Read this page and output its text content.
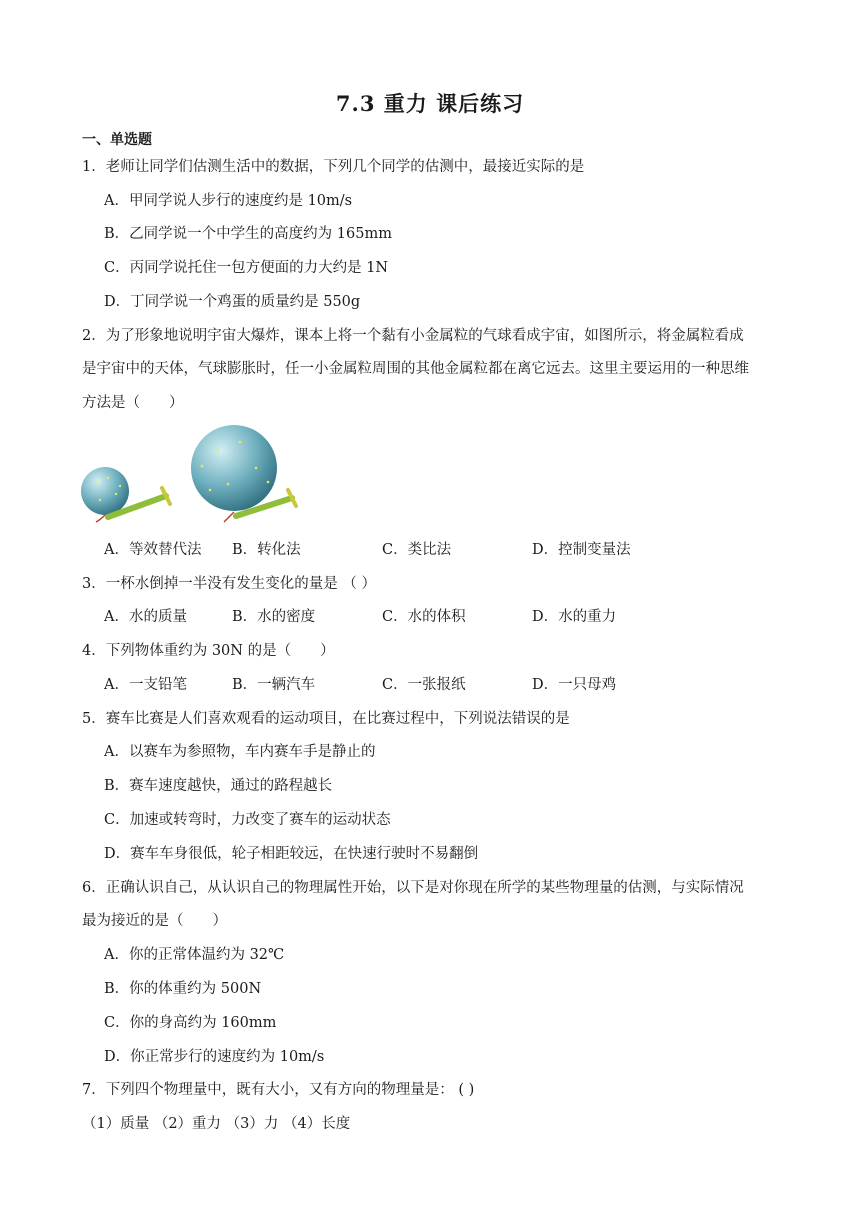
7.3 重力 课后练习
一、单选题
1．老师让同学们估测生活中的数据，下列几个同学的估测中，最接近实际的是
A．甲同学说人步行的速度约是 10m/s
B．乙同学说一个中学生的高度约为 165mm
C．丙同学说托住一包方便面的力大约是 1N
D．丁同学说一个鸡蛋的质量约是 550g
2．为了形象地说明宇宙大爆炸，课本上将一个黏有小金属粒的气球看成宇宙，如图所示，将金属粒看成
是宇宙中的天体，气球膨胀时，任一小金属粒周围的其他金属粒都在离它远去。这里主要运用的一种思维
方法是（　　）
A．等效替代法 B．转化法	C．类比法	D．控制变量法
3．一杯水倒掉一半没有发生变化的量是 （ ）
A．水的质量	B．水的密度	C．水的体积	D．水的重力
4．下列物体重约为 30N 的是（　　）
A．一支铅笔	B．一辆汽车	C．一张报纸	D．一只母鸡
5．赛车比赛是人们喜欢观看的运动项目，在比赛过程中，下列说法错误的是
A．以赛车为参照物，车内赛车手是静止的
B．赛车速度越快，通过的路程越长
C．加速或转弯时，力改变了赛车的运动状态
D．赛车车身很低，轮子相距较远，在快速行驶时不易翻倒
6．正确认识自己，从认识自己的物理属性开始，以下是对你现在所学的某些物理量的估测，与实际情况
最为接近的是（　　）
A．你的正常体温约为 32℃
B．你的体重约为 500N
C．你的身高约为 160mm
D．你正常步行的速度约为 10m/s
7．下列四个物理量中，既有大小，又有方向的物理量是： ( )
（1）质量 （2）重力 （3）力 （4）长度
